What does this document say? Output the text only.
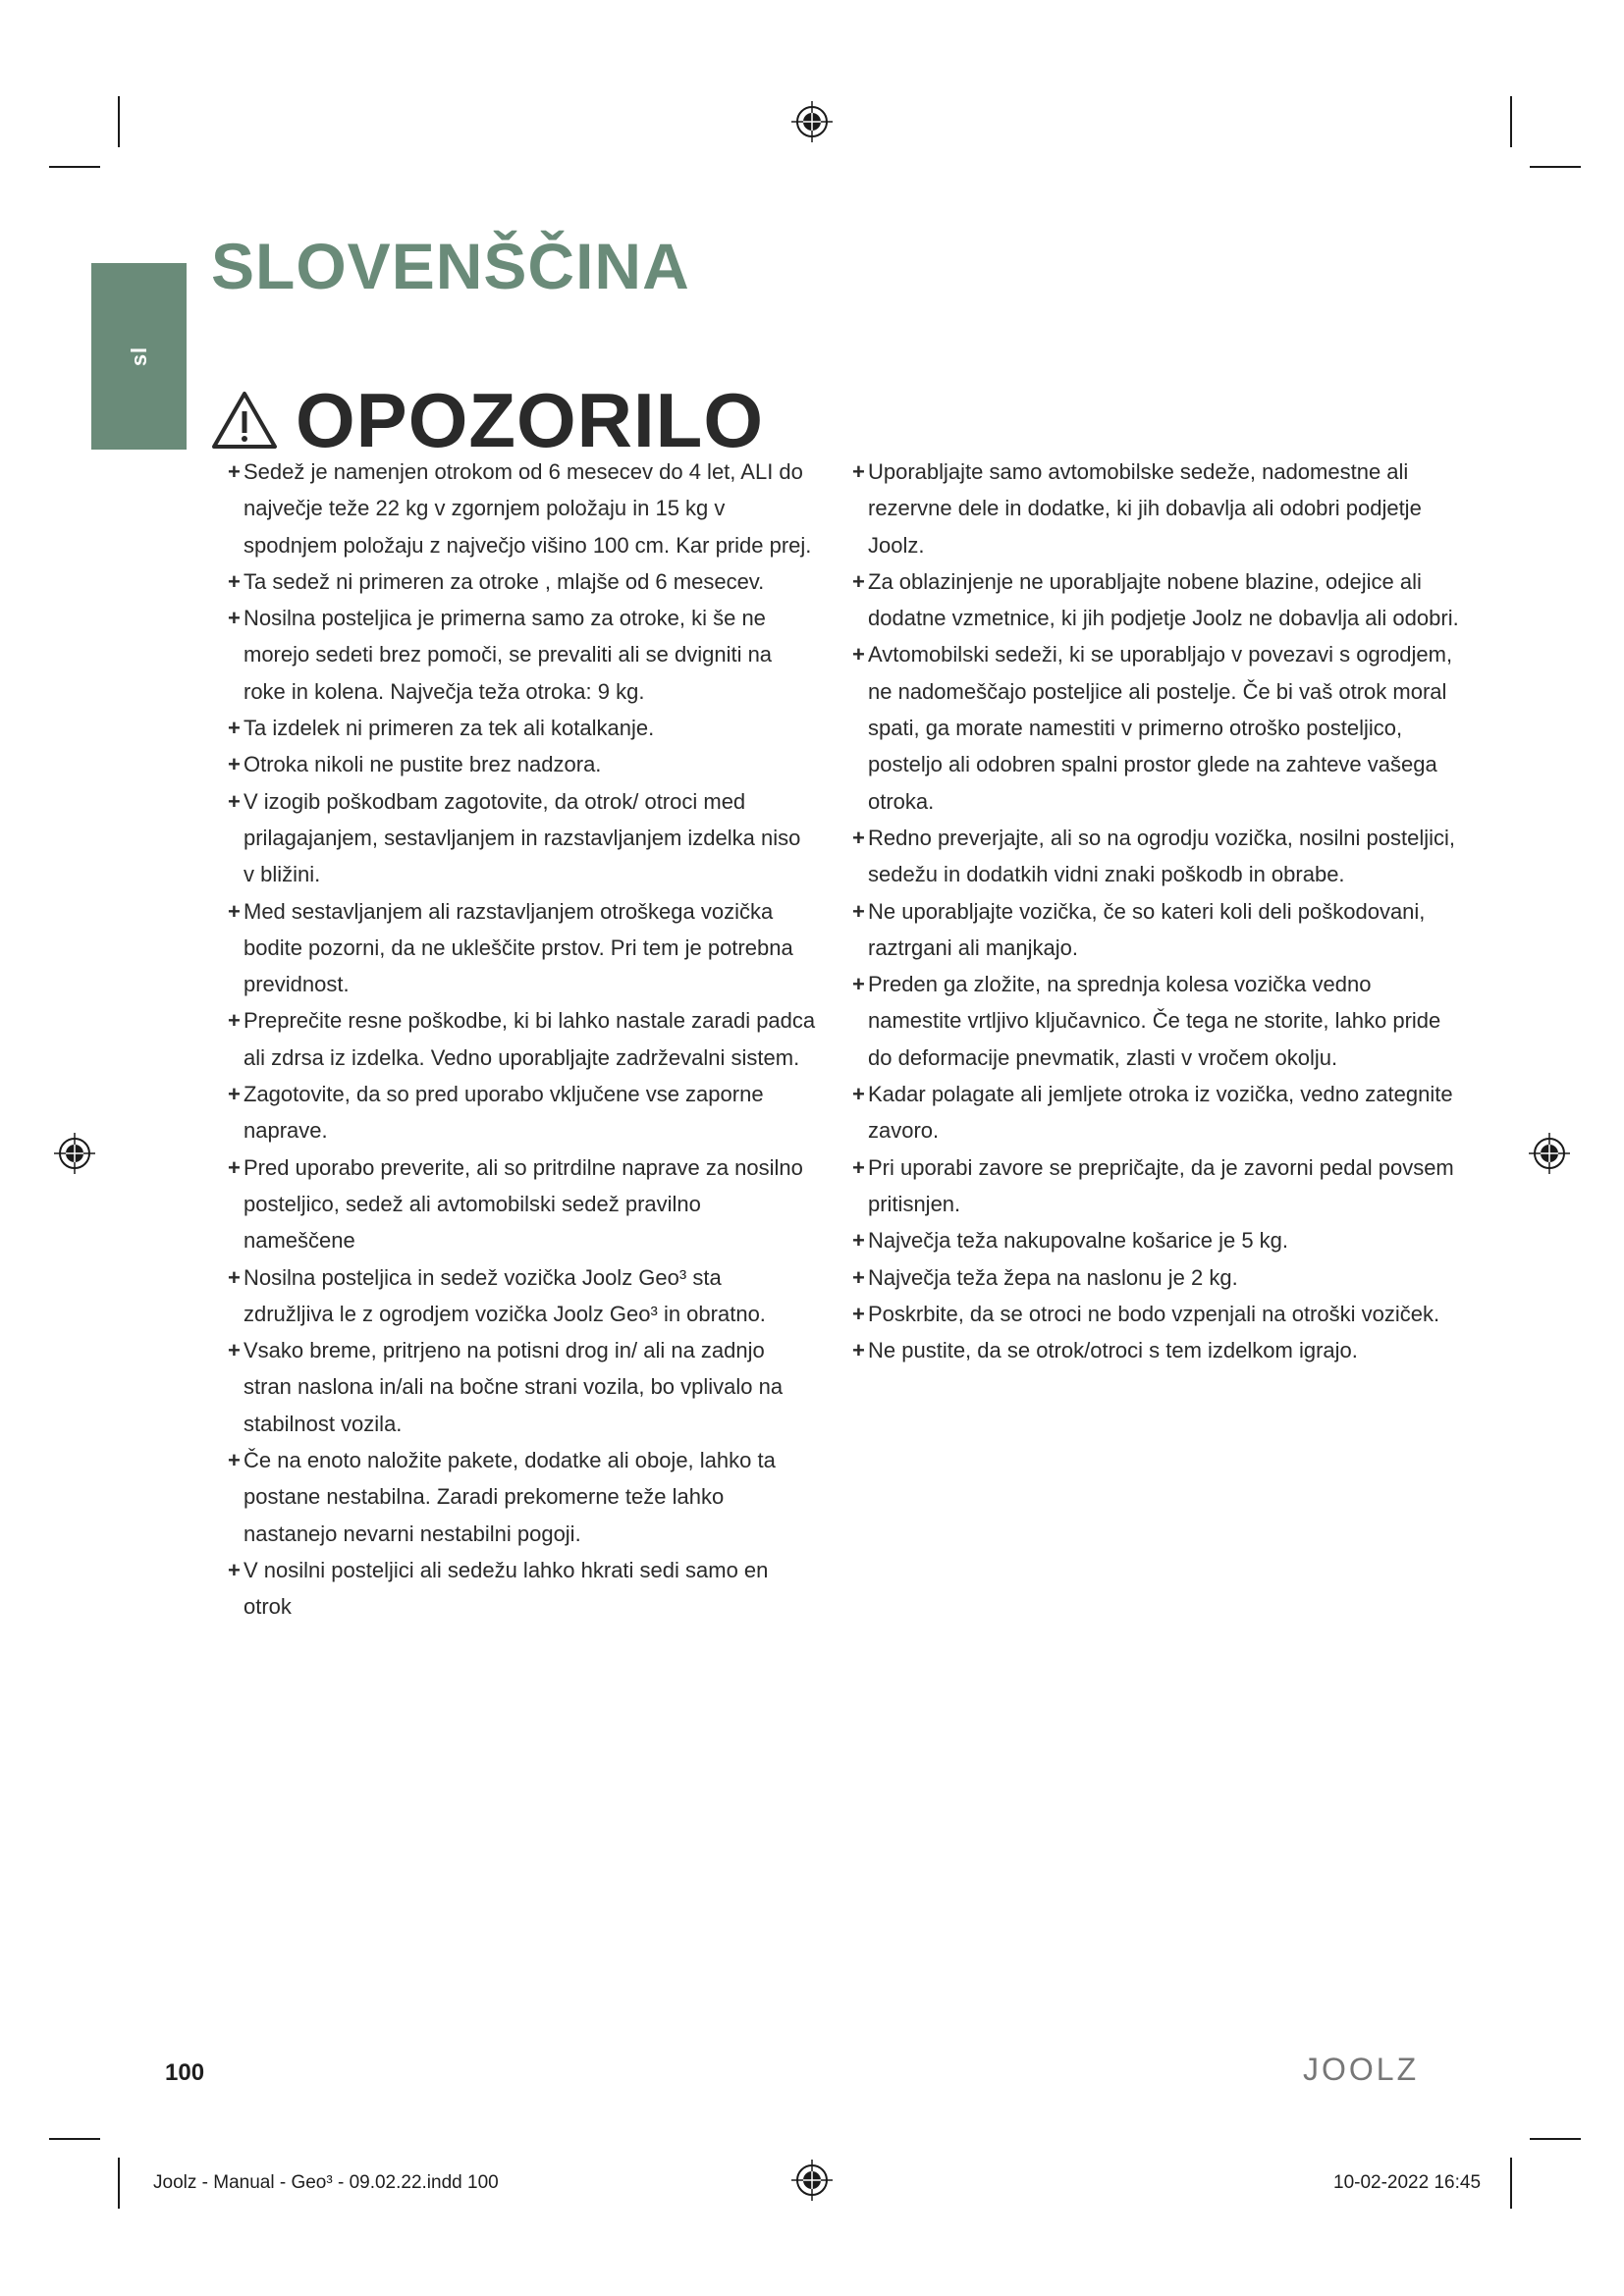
sl
SLOVENŠČINA
OPOZORILO
+ Sedež je namenjen otrokom od 6 mesecev do 4 let, ALI do največje teže 22 kg v zgornjem položaju in 15 kg v spodnjem položaju z največjo višino 100 cm. Kar pride prej.
+ Ta sedež ni primeren za otroke , mlajše od 6 mesecev.
+ Nosilna posteljica je primerna samo za otroke, ki še ne morejo sedeti brez pomoči, se prevaliti ali se dvigniti na roke in kolena. Največja teža otroka: 9 kg.
+ Ta izdelek ni primeren za tek ali kotalkanje.
+ Otroka nikoli ne pustite brez nadzora.
+ V izogib poškodbam zagotovite, da otrok/ otroci med prilagajanjem, sestavljanjem in razstavljanjem izdelka niso v bližini.
+ Med sestavljanjem ali razstavljanjem otroškega vozička bodite pozorni, da ne ukleščite prstov. Pri tem je potrebna previdnost.
+ Preprečite resne poškodbe, ki bi lahko nastale zaradi padca ali zdrsa iz izdelka. Vedno uporabljajte zadrževalni sistem.
+ Zagotovite, da so pred uporabo vključene vse zaporne naprave.
+ Pred uporabo preverite, ali so pritrdilne naprave za nosilno posteljico, sedež ali avtomobilski sedež pravilno nameščene
+ Nosilna posteljica in sedež vozička Joolz Geo³ sta združljiva le z ogrodjem vozička Joolz Geo³ in obratno.
+ Vsako breme, pritrjeno na potisni drog in/ ali na zadnjo stran naslona in/ali na bočne strani vozila, bo vplivalo na stabilnost vozila.
+ Če na enoto naložite pakete, dodatke ali oboje, lahko ta postane nestabilna. Zaradi prekomerne teže lahko nastanejo nevarni nestabilni pogoji.
+ V nosilni posteljici ali sedežu lahko hkrati sedi samo en otrok
+ Uporabljajte samo avtomobilske sedeže, nadomestne ali rezervne dele in dodatke, ki jih dobavlja ali odobri podjetje Joolz.
+ Za oblazinjenje ne uporabljajte nobene blazine, odejice ali dodatne vzmetnice, ki jih podjetje Joolz ne dobavlja ali odobri.
+ Avtomobilski sedeži, ki se uporabljajo v povezavi s ogrodjem, ne nadomeščajo posteljice ali postelje. Če bi vaš otrok moral spati, ga morate namestiti v primerno otroško posteljico, posteljo ali odobren spalni prostor glede na zahteve vašega otroka.
+ Redno preverjajte, ali so na ogrodju vozička, nosilni posteljici, sedežu in dodatkih vidni znaki poškodb in obrabe.
+ Ne uporabljajte vozička, če so kateri koli deli poškodovani, raztrgani ali manjkajo.
+ Preden ga zložite, na sprednja kolesa vozička vedno namestite vrtljivo ključavnico. Če tega ne storite, lahko pride do deformacije pnevmatik, zlasti v vročem okolju.
+ Kadar polagate ali jemljete otroka iz vozička, vedno zategnite zavoro.
+ Pri uporabi zavore se prepričajte, da je zavorni pedal povsem pritisnjen.
+ Največja teža nakupovalne košarice je 5 kg.
+ Največja teža žepa na naslonu je 2 kg.
+ Poskrbite, da se otroci ne bodo vzpenjali na otroški voziček.
+ Ne pustite, da se otrok/otroci s tem izdelkom igrajo.
100	JOOLZ
Joolz - Manual - Geo³ - 09.02.22.indd 100	10-02-2022 16:45
